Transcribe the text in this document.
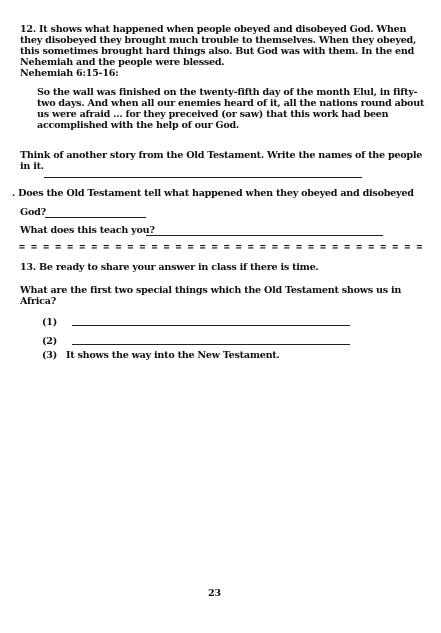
12. It shows what happened when people obeyed and disobeyed God. When
they disobeyed they brought much trouble to themselves. When they obeyed,
this sometimes brought hard things also. But God was with them. In the end
Nehemiah and the people were blessed.
Nehemiah 6:15-16:
So the wall was finished on the twenty-fifth day of the month Elul, in fifty-
two days. And when all our enemies heard of it, all the nations round about
us were afraid ... for they preceived (or saw) that this work had been
accomplished with the help of our God.
Think of another story from the Old Testament. Write the names of the people
in it.
. Does the Old Testament tell what happened when they obeyed and disobeyed
God?
What does this teach you?
= = = = = = = = = = = = = = = = = = = = = = = = = = = = = = = = = =
13. Be ready to share your answer in class if there is time.
What are the first two special things which the Old Testament shows us in
Africa?
(1)
(2)
(3) It shows the way into the New Testament.
23
